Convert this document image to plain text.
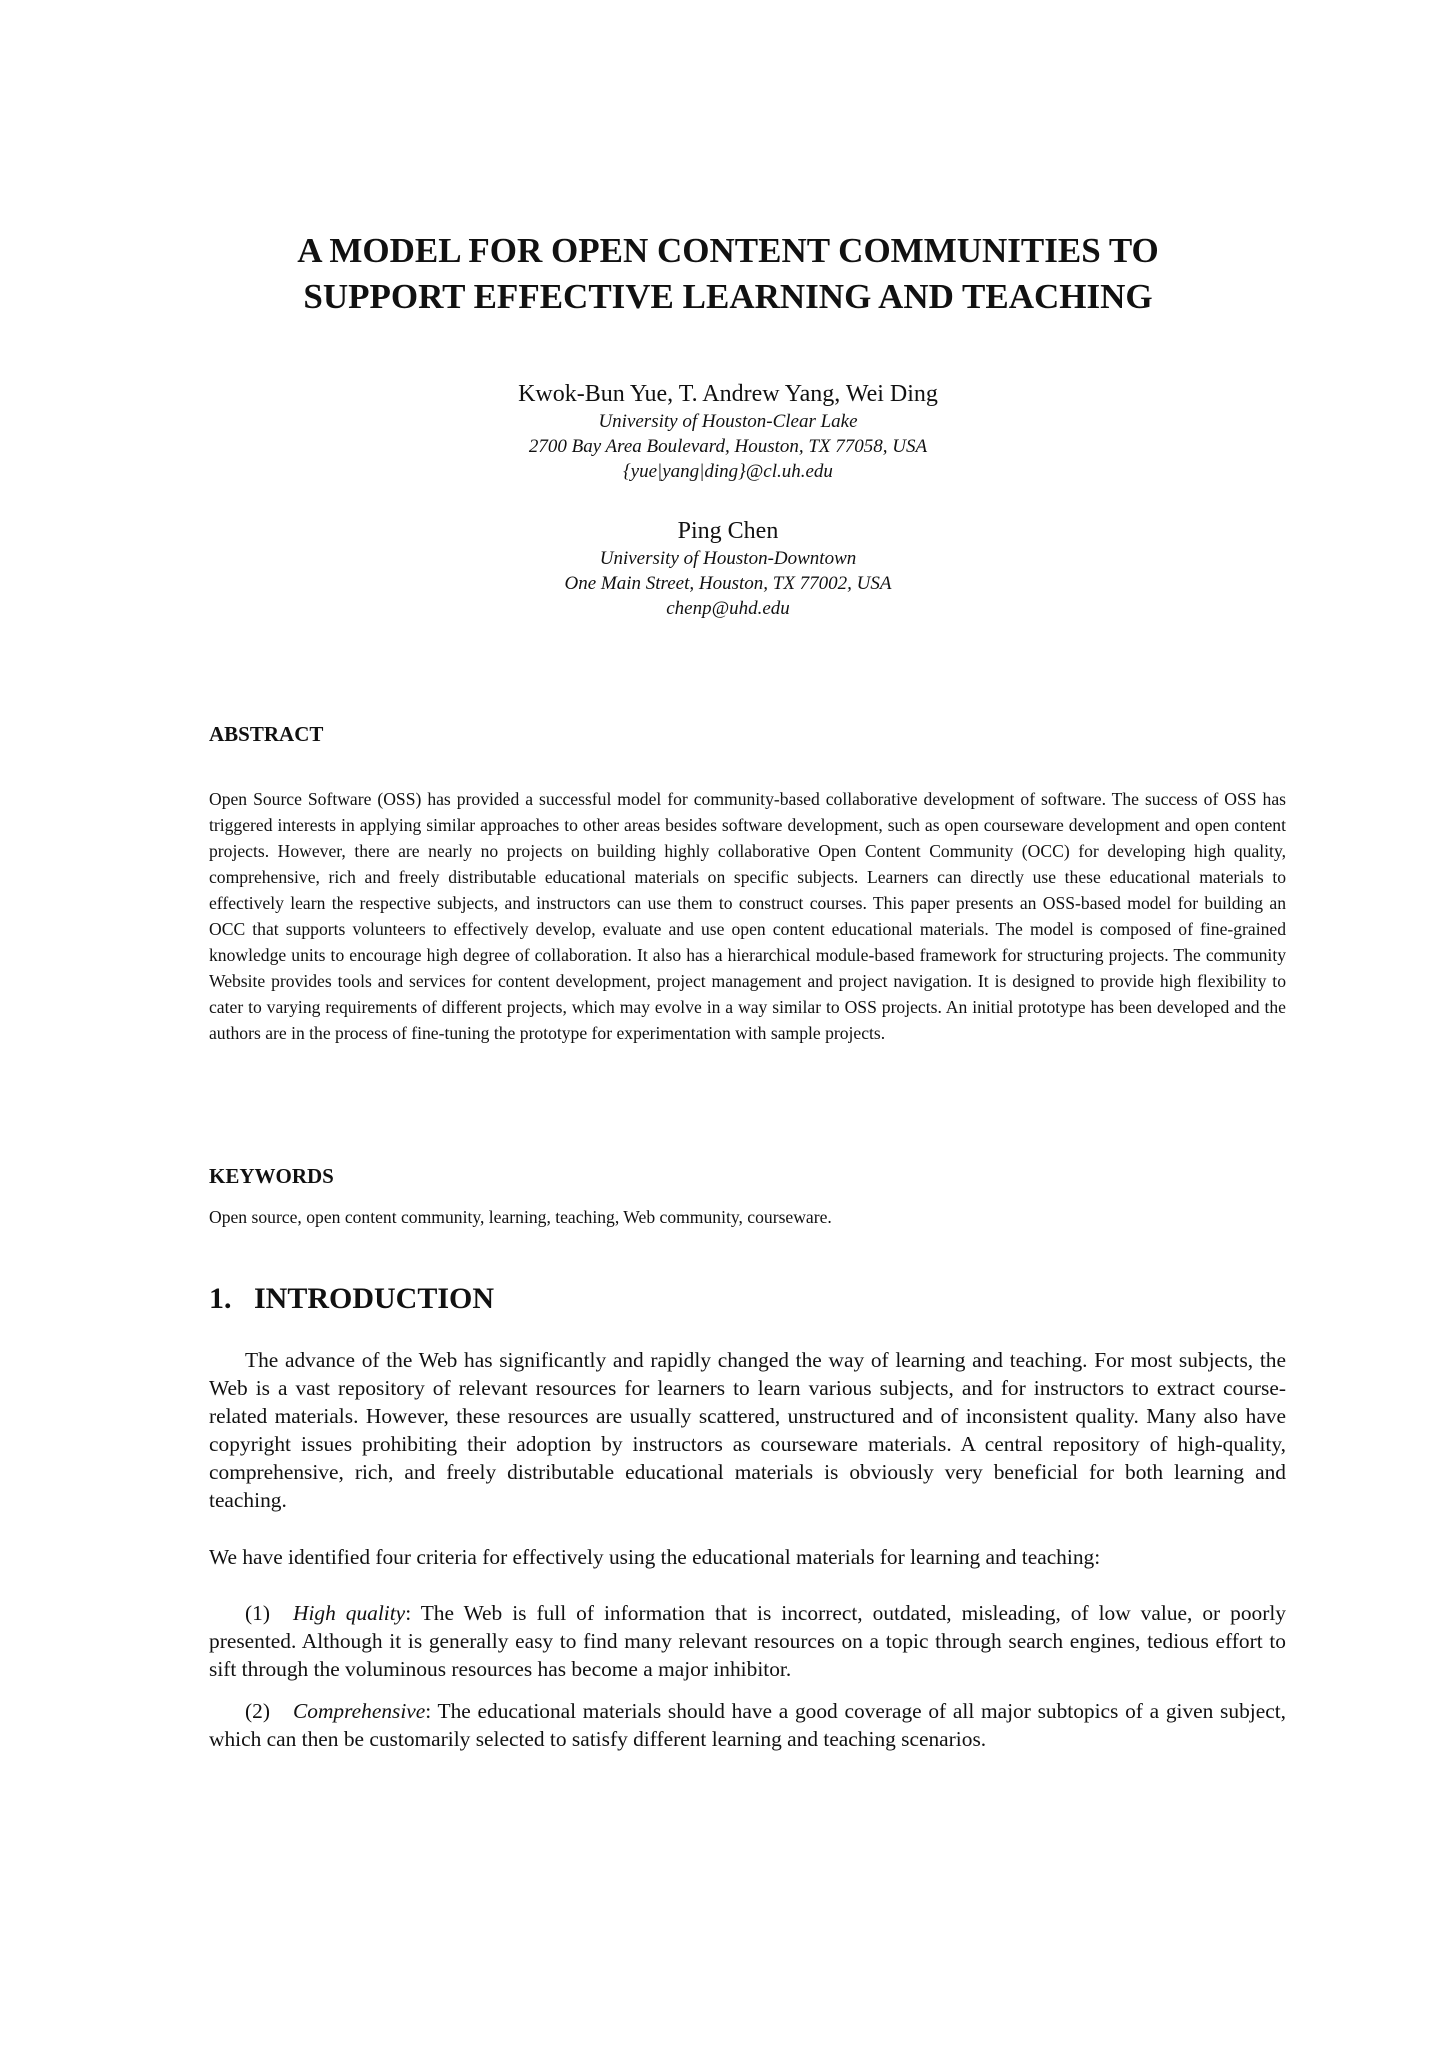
A MODEL FOR OPEN CONTENT COMMUNITIES TO
SUPPORT EFFECTIVE LEARNING AND TEACHING
Kwok-Bun Yue, T. Andrew Yang, Wei Ding
University of Houston-Clear Lake
2700 Bay Area Boulevard, Houston, TX 77058, USA
{yue|yang|ding}@cl.uh.edu
Ping Chen
University of Houston-Downtown
One Main Street, Houston, TX 77002, USA
chenp@uhd.edu
ABSTRACT

Open Source Software (OSS) has provided a successful model for community-based collaborative development of software. The success of OSS has triggered interests in applying similar approaches to other areas besides software development, such as open courseware development and open content projects. However, there are nearly no projects on building highly collaborative Open Content Community (OCC) for developing high quality, comprehensive, rich and freely distributable educational materials on specific subjects. Learners can directly use these educational materials to effectively learn the respective subjects, and instructors can use them to construct courses. This paper presents an OSS-based model for building an OCC that supports volunteers to effectively develop, evaluate and use open content educational materials. The model is composed of fine-grained knowledge units to encourage high degree of collaboration. It also has a hierarchical module-based framework for structuring projects. The community Website provides tools and services for content development, project management and project navigation. It is designed to provide high flexibility to cater to varying requirements of different projects, which may evolve in a way similar to OSS projects. An initial prototype has been developed and the authors are in the process of fine-tuning the prototype for experimentation with sample projects.

KEYWORDS

Open source, open content community, learning, teaching, Web community, courseware.

1.   INTRODUCTION

The advance of the Web has significantly and rapidly changed the way of learning and teaching. For most subjects, the Web is a vast repository of relevant resources for learners to learn various subjects, and for instructors to extract course-related materials. However, these resources are usually scattered, unstructured and of inconsistent quality. Many also have copyright issues prohibiting their adoption by instructors as courseware materials. A central repository of high-quality, comprehensive, rich, and freely distributable educational materials is obviously very beneficial for both learning and teaching.

We have identified four criteria for effectively using the educational materials for learning and teaching:

(1) High quality: The Web is full of information that is incorrect, outdated, misleading, of low value, or poorly presented. Although it is generally easy to find many relevant resources on a topic through search engines, tedious effort to sift through the voluminous resources has become a major inhibitor.

(2) Comprehensive: The educational materials should have a good coverage of all major subtopics of a given subject, which can then be customarily selected to satisfy different learning and teaching scenarios.
